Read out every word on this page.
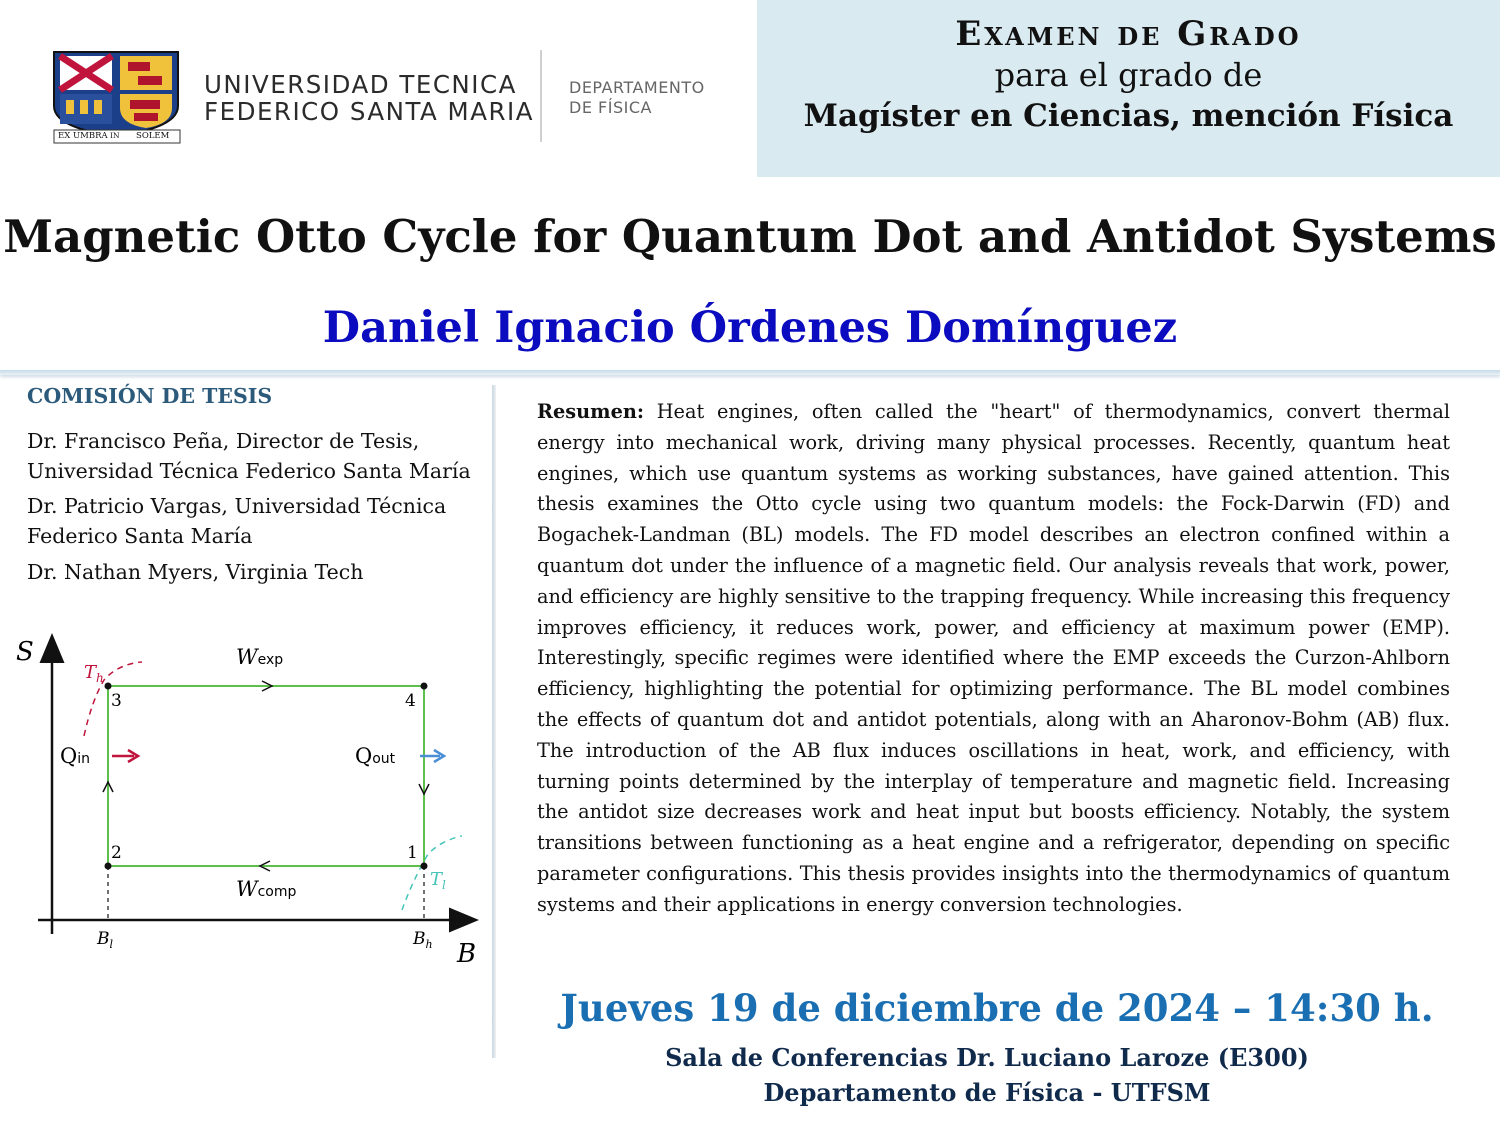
EX UMBRA IN SOLEM
UNIVERSIDAD TECNICA
FEDERICO SANTA MARIA
DEPARTAMENTO
DE FÍSICA
Examen de Grado
para el grado de
Magíster en Ciencias, mención Física
Magnetic Otto Cycle for Quantum Dot and Antidot Systems
Daniel Ignacio Órdenes Domínguez
COMISIÓN DE TESIS
Dr. Francisco Peña, Director de Tesis, Universidad Técnica Federico Santa María
Dr. Patricio Vargas, Universidad Técnica Federico Santa María
Dr. Nathan Myers, Virginia Tech
S
B
1
2
3	4
Wexp
Wcomp
Qin	Qout
$T_h$
$T_l$
$B_l$	$B_h$
Resumen: Heat engines, often called the "heart" of thermodynamics, convert thermal energy into mechanical work, driving many physical processes. Recently, quantum heat engines, which use quantum systems as working substances, have gained attention. This thesis examines the Otto cycle using two quantum models: the Fock-Darwin (FD) and Bogachek-Landman (BL) models. The FD model describes an electron confined within a quantum dot under the influence of a magnetic field. Our analysis reveals that work, power, and efficiency are highly sensitive to the trapping frequency. While increasing this frequency improves efficiency, it reduces work, power, and efficiency at maximum power (EMP). Interestingly, specific regimes were identified where the EMP exceeds the Curzon-Ahlborn efficiency, highlighting the potential for optimizing performance. The BL model combines the effects of quantum dot and antidot potentials, along with an Aharonov-Bohm (AB) flux. The introduction of the AB flux induces oscillations in heat, work, and efficiency, with turning points determined by the interplay of temperature and magnetic field. Increasing the antidot size decreases work and heat input but boosts efficiency. Notably, the system transitions between functioning as a heat engine and a refrigerator, depending on specific parameter configurations. This thesis provides insights into the thermodynamics of quantum systems and their applications in energy conversion technologies.
Jueves 19 de diciembre de 2024 – 14:30 h.
Sala de Conferencias Dr. Luciano Laroze (E300)
Departamento de Física - UTFSM
